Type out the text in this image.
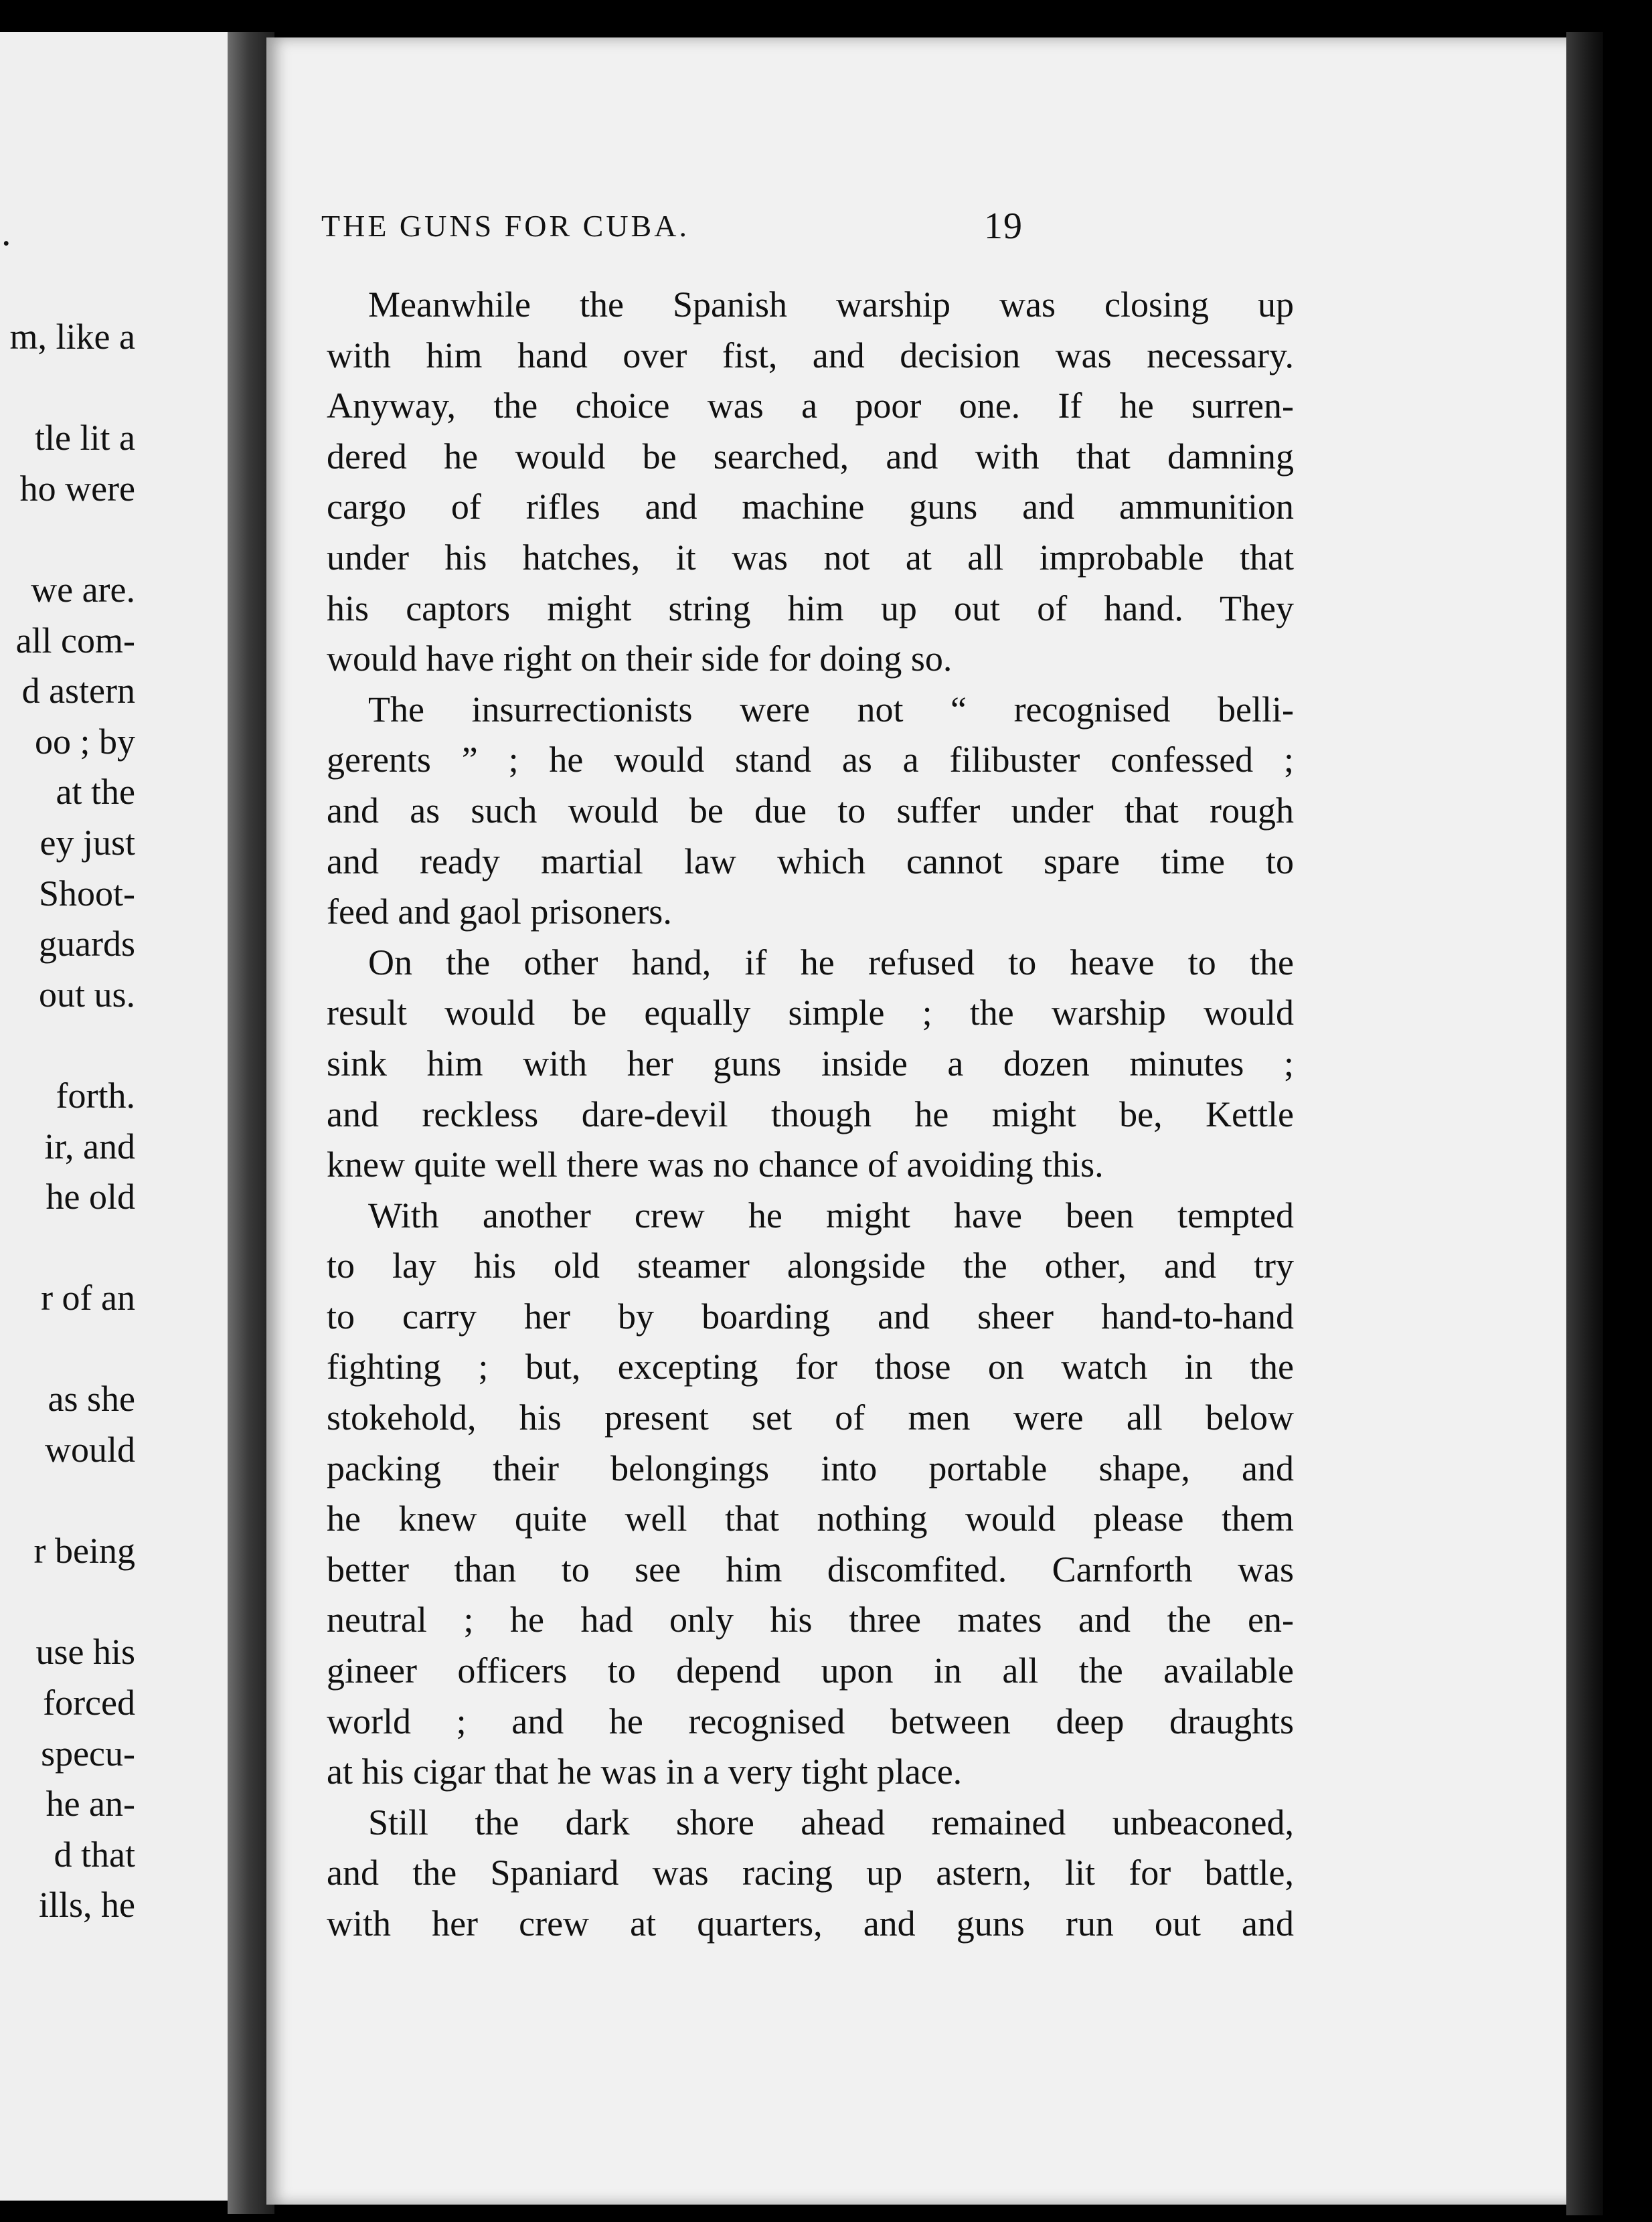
.
m, like a
tle lit a
ho were
we are.
all com-
d astern
oo ; by
at the
ey just
Shoot-
guards
out us.
forth.
ir, and
he old
r of an
as she
would
r being
use his
forced
specu-
he an-
d that
ills, he
THE GUNS FOR CUBA.	19
Meanwhile the Spanish warship was closing up
with him hand over fist, and decision was necessary.
Anyway, the choice was a poor one. If he surren-
dered he would be searched, and with that damning
cargo of rifles and machine guns and ammunition
under his hatches, it was not at all improbable that
his captors might string him up out of hand. They
would have right on their side for doing so.
The insurrectionists were not “ recognised belli-
gerents ” ; he would stand as a filibuster confessed ;
and as such would be due to suffer under that rough
and ready martial law which cannot spare time to
feed and gaol prisoners.
On the other hand, if he refused to heave to the
result would be equally simple ; the warship would
sink him with her guns inside a dozen minutes ;
and reckless dare-devil though he might be, Kettle
knew quite well there was no chance of avoiding this.
With another crew he might have been tempted
to lay his old steamer alongside the other, and try
to carry her by boarding and sheer hand-to-hand
fighting ; but, excepting for those on watch in the
stokehold, his present set of men were all below
packing their belongings into portable shape, and
he knew quite well that nothing would please them
better than to see him discomfited. Carnforth was
neutral ; he had only his three mates and the en-
gineer officers to depend upon in all the available
world ; and he recognised between deep draughts
at his cigar that he was in a very tight place.
Still the dark shore ahead remained unbeaconed,
and the Spaniard was racing up astern, lit for battle,
with her crew at quarters, and guns run out and
